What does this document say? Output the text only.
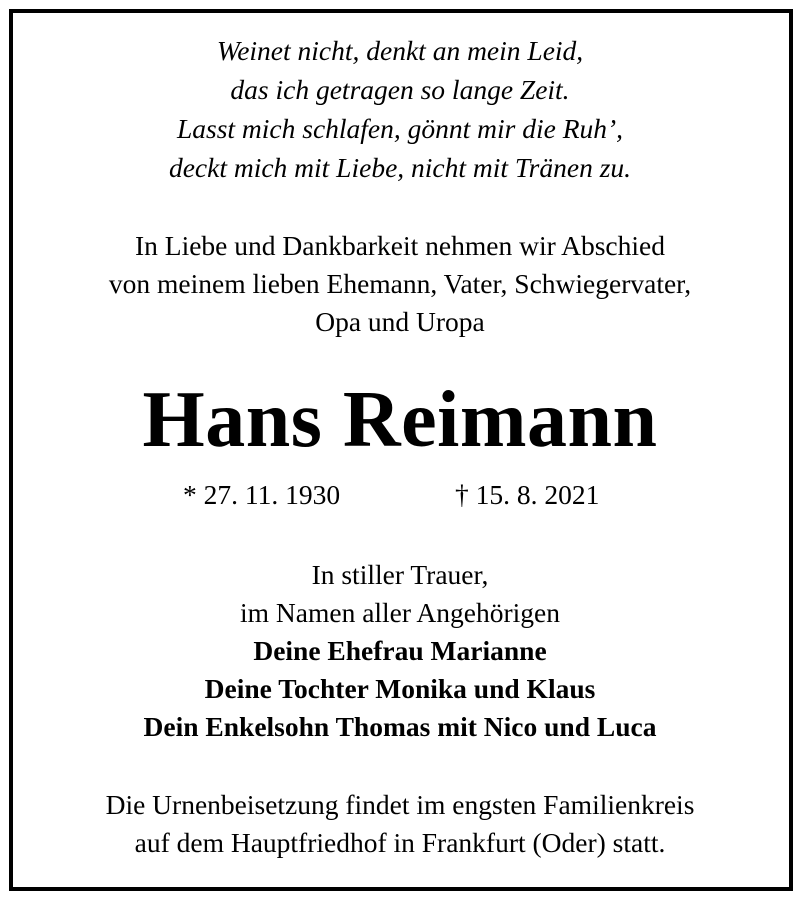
Weinet nicht, denkt an mein Leid,
das ich getragen so lange Zeit.
Lasst mich schlafen, gönnt mir die Ruh’,
deckt mich mit Liebe, nicht mit Tränen zu.
In Liebe und Dankbarkeit nehmen wir Abschied
von meinem lieben Ehemann, Vater, Schwiegervater,
Opa und Uropa
Hans Reimann
* 27. 11. 1930	† 15. 8. 2021
In stiller Trauer,
im Namen aller Angehörigen
Deine Ehefrau Marianne
Deine Tochter Monika und Klaus
Dein Enkelsohn Thomas mit Nico und Luca
Die Urnenbeisetzung findet im engsten Familienkreis
auf dem Hauptfriedhof in Frankfurt (Oder) statt.
